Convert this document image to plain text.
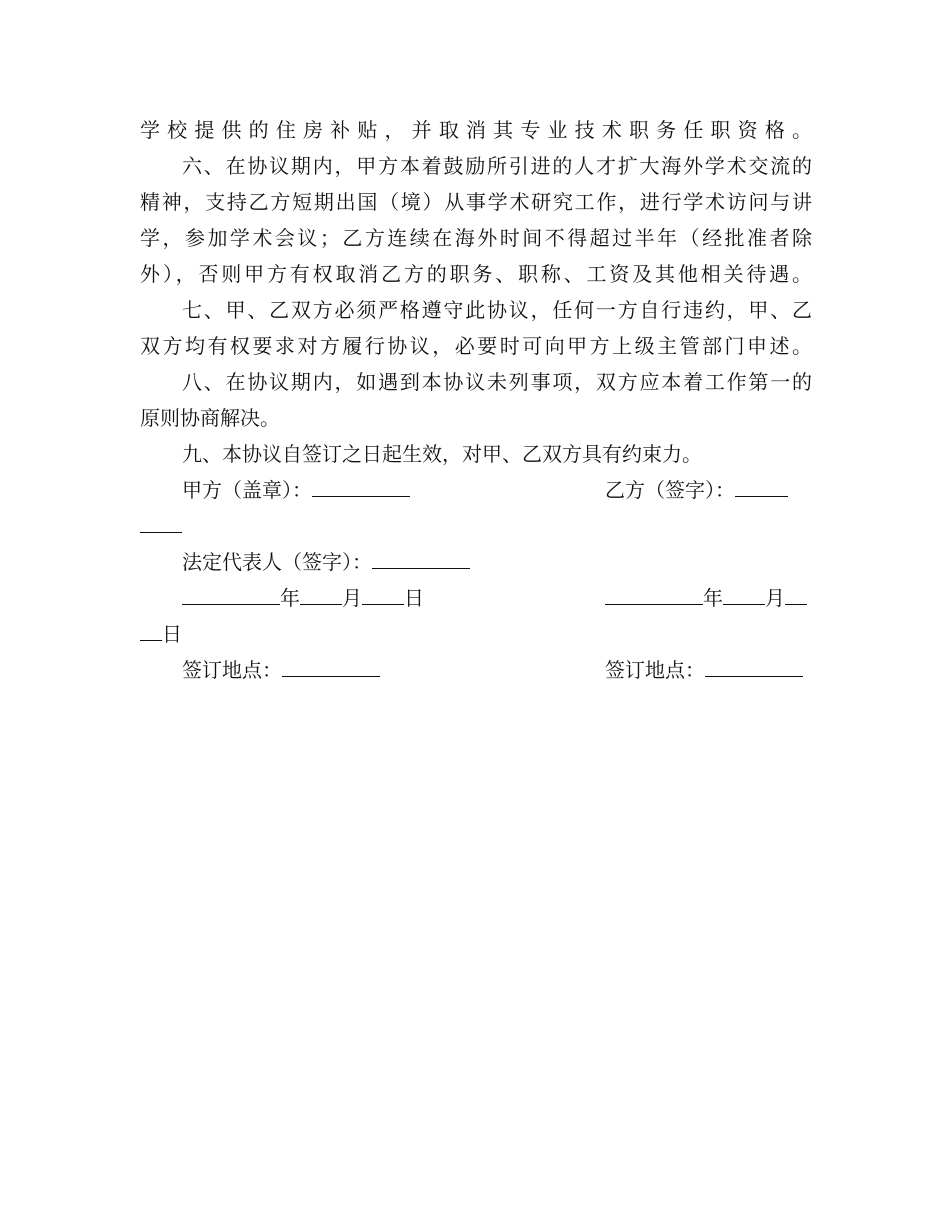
学校提供的住房补贴，并取消其专业技术职务任职资格。
六、在协议期内，甲方本着鼓励所引进的人才扩大海外学术交流的
精神，支持乙方短期出国（境）从事学术研究工作，进行学术访问与讲
学，参加学术会议；乙方连续在海外时间不得超过半年（经批准者除
外），否则甲方有权取消乙方的职务、职称、工资及其他相关待遇。
七、甲、乙双方必须严格遵守此协议，任何一方自行违约，甲、乙
双方均有权要求对方履行协议，必要时可向甲方上级主管部门申述。
八、在协议期内，如遇到本协议未列事项，双方应本着工作第一的
原则协商解决。
九、本协议自签订之日起生效，对甲、乙双方具有约束力。
甲方（盖章）：	乙方（签字）：
法定代表人（签字）：
年 月 日	年 月
日
签订地点：	签订地点：
